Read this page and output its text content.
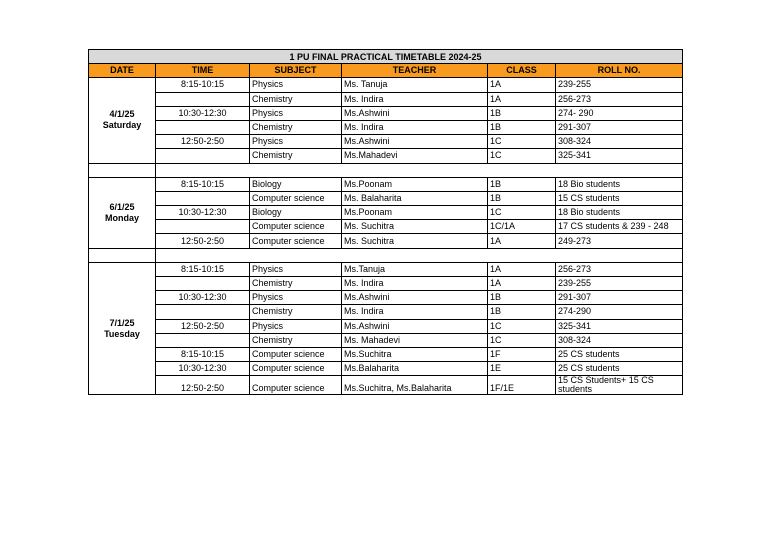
1 PU FINAL PRACTICAL TIMETABLE 2024-25					
DATE	TIME	SUBJECT	TEACHER	CLASS	ROLL NO.

4/1/25
Saturday	8:15-10:15	Physics	Ms. Tanuja	1A	239-255
		Chemistry	Ms. Indira	1A	256-273
	10:30-12:30	Physics	Ms.Ashwini	1B	274- 290
		Chemistry	Ms. Indira	1B	291-307
	12:50-2:50	Physics	Ms.Ashwini	1C	308-324
		Chemistry	Ms.Mahadevi	1C	325-341

6/1/25
Monday	8:15-10:15	Biology	Ms.Poonam	1B	18 Bio students
		Computer science	Ms. Balaharita	1B	15 CS students
	10:30-12:30	Biology	Ms.Poonam	1C	18 Bio students
		Computer science	Ms. Suchitra	1C/1A	17 CS students & 239 - 248
	12:50-2:50	Computer science	Ms. Suchitra	1A	249-273

7/1/25
Tuesday	8:15-10:15	Physics	Ms.Tanuja	1A	256-273
		Chemistry	Ms. Indira	1A	239-255
	10:30-12:30	Physics	Ms.Ashwini	1B	291-307
		Chemistry	Ms. Indira	1B	274-290
	12:50-2:50	Physics	Ms.Ashwini	1C	325-341
		Chemistry	Ms. Mahadevi	1C	308-324
	8:15-10:15	Computer science	Ms.Suchitra	1F	25 CS students
	10:30-12:30	Computer science	Ms.Balaharita	1E	25 CS students
	12:50-2:50	Computer science	Ms.Suchitra, Ms.Balaharita	1F/1E	15 CS Students+ 15 CS students
